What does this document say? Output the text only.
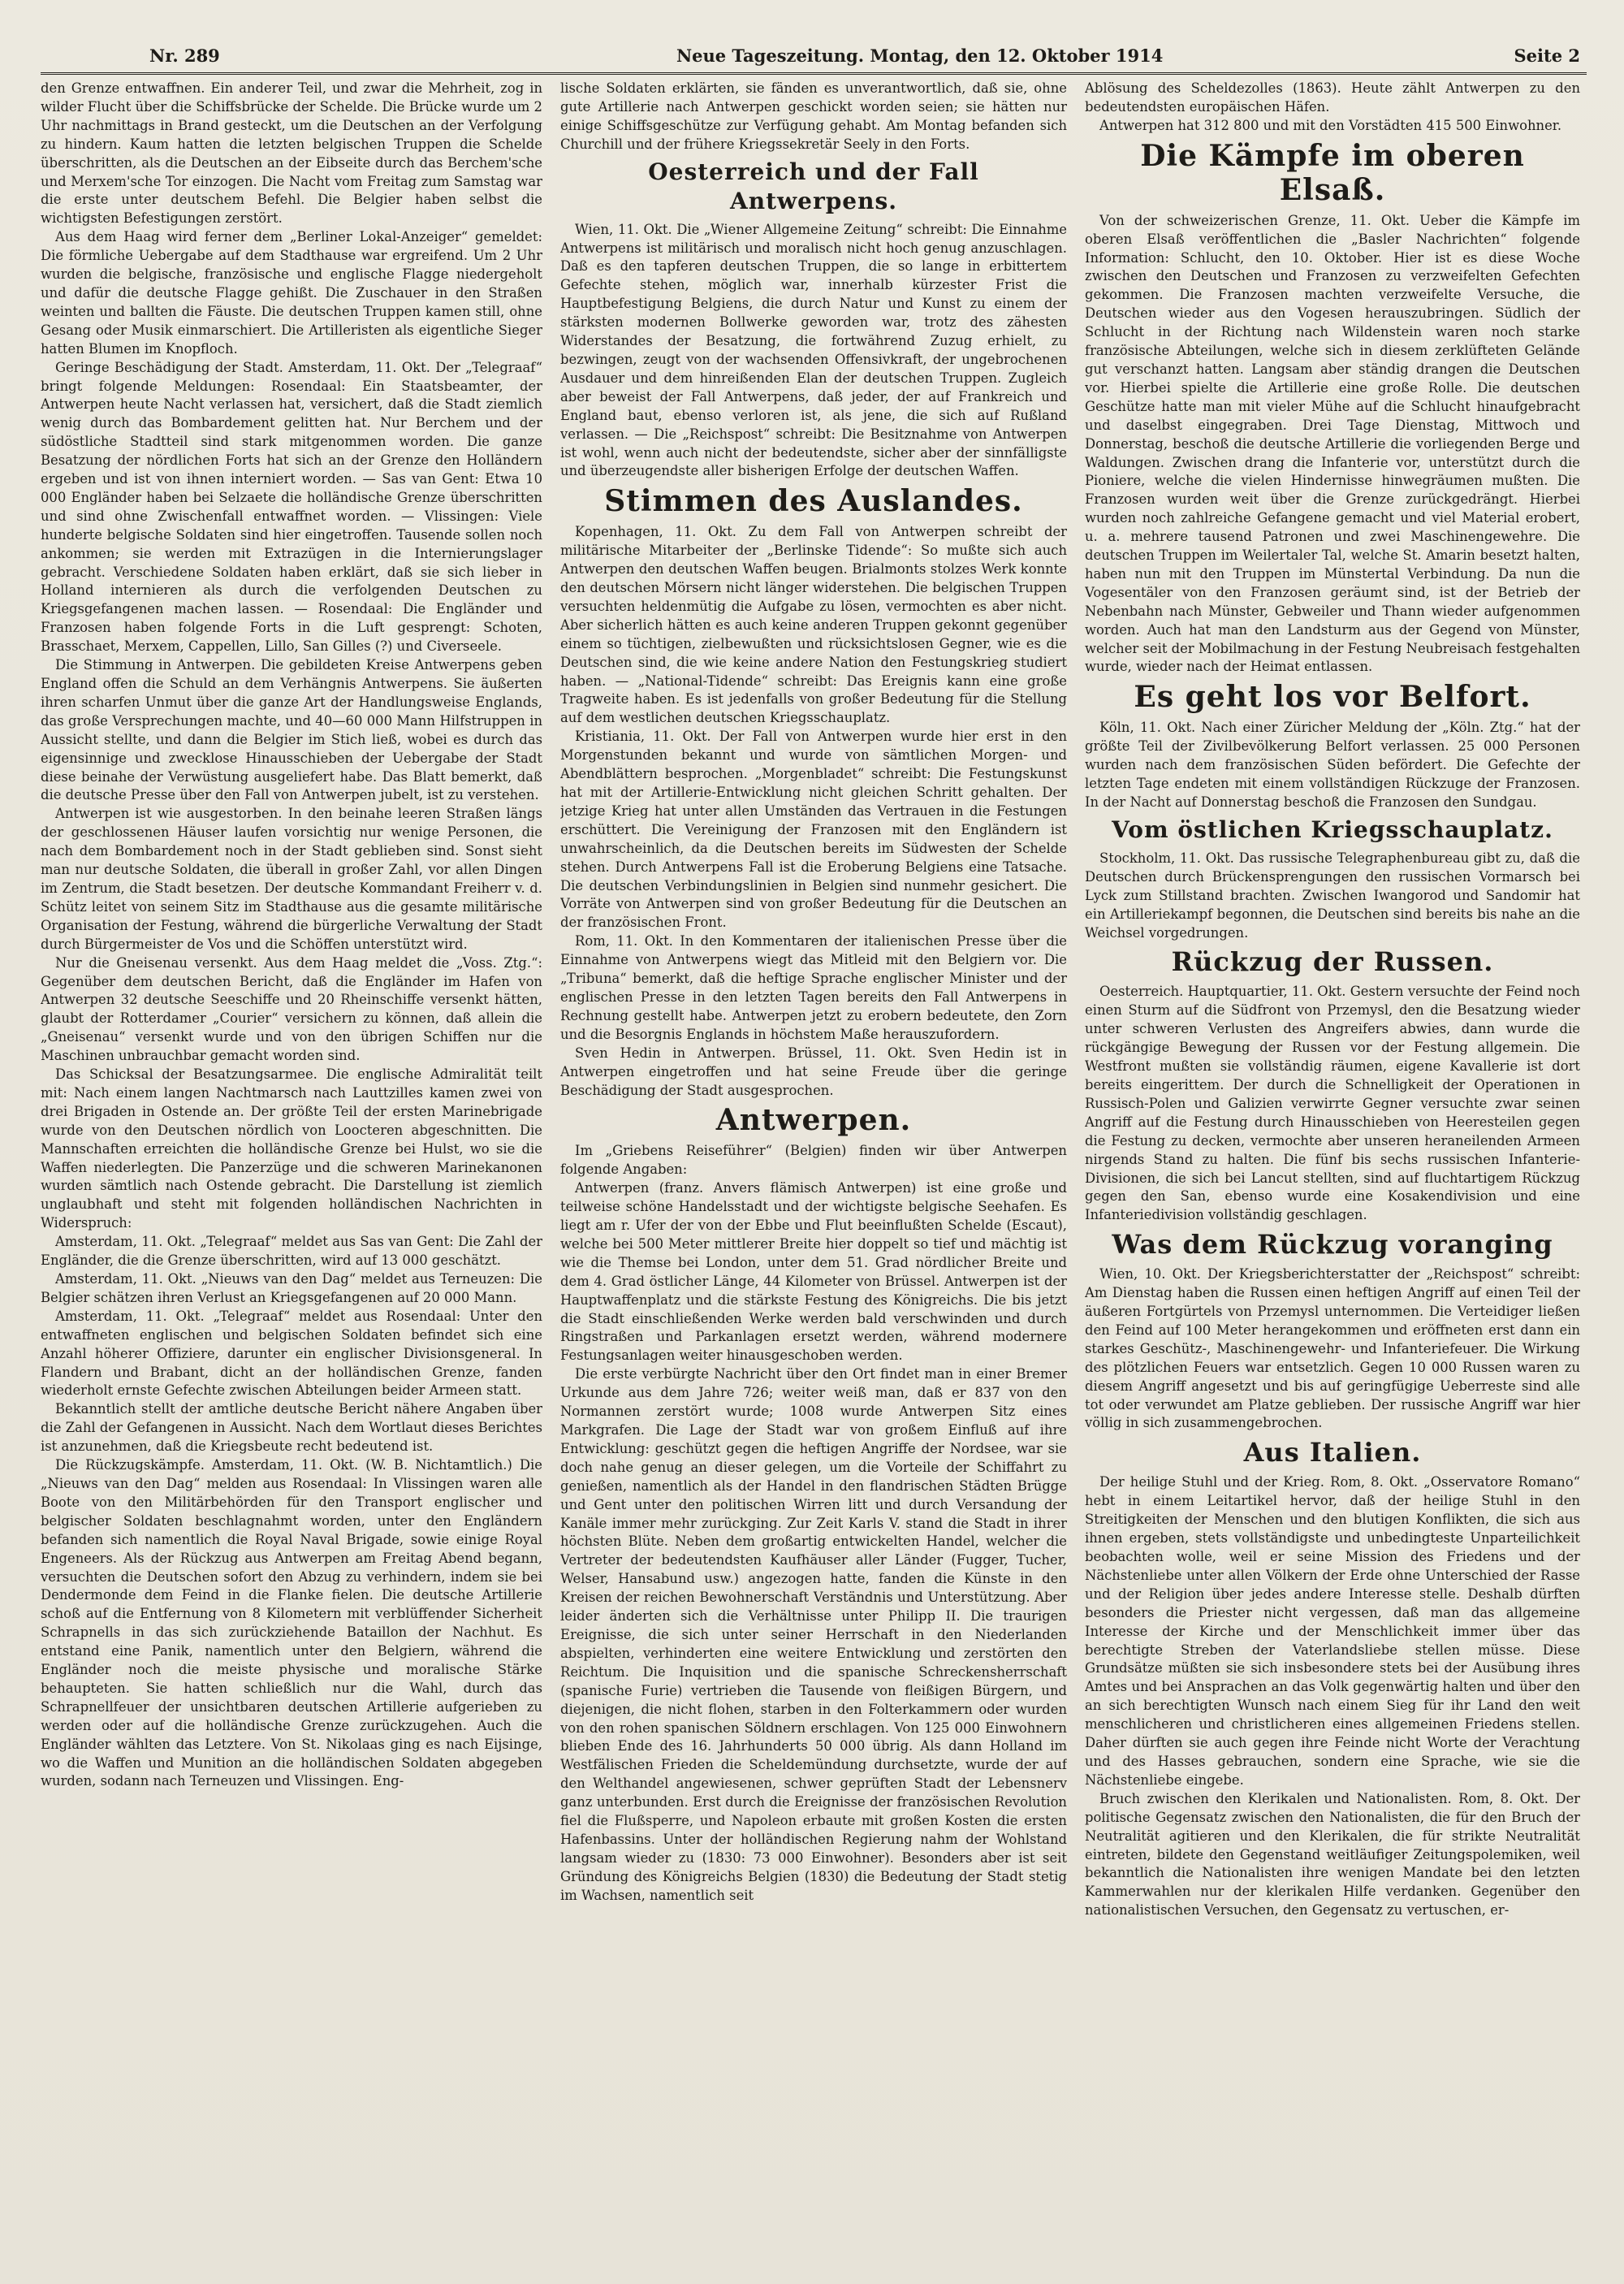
Nr. 289	Neue Tageszeitung. Montag, den 12. Oktober 1914	Seite 2

den Grenze entwaffnen. Ein anderer Teil, und zwar die Mehrheit, zog in wilder Flucht über die Schiffsbrücke der Schelde. Die Brücke wurde um 2 Uhr nachmittags in Brand gesteckt, um die Deutschen an der Verfolgung zu hindern. Kaum hatten die letzten belgischen Truppen die Schelde überschritten, als die Deutschen an der Eibseite durch das Berchem'sche und Merxem'sche Tor einzogen. Die Nacht vom Freitag zum Samstag war die erste unter deutschem Befehl. Die Belgier haben selbst die wichtigsten Befestigungen zerstört.

Aus dem Haag wird ferner dem „Berliner Lokal-Anzeiger“ gemeldet: Die förmliche Uebergabe auf dem Stadthause war ergreifend. Um 2 Uhr wurden die belgische, französische und englische Flagge niedergeholt und dafür die deutsche Flagge gehißt. Die Zuschauer in den Straßen weinten und ballten die Fäuste. Die deutschen Truppen kamen still, ohne Gesang oder Musik einmarschiert. Die Artilleristen als eigentliche Sieger hatten Blumen im Knopfloch.

Geringe Beschädigung der Stadt. Amsterdam, 11. Okt. Der „Telegraaf“ bringt folgende Meldungen: Rosendaal: Ein Staatsbeamter, der Antwerpen heute Nacht verlassen hat, versichert, daß die Stadt ziemlich wenig durch das Bombardement gelitten hat. Nur Berchem und der südöstliche Stadtteil sind stark mitgenommen worden. Die ganze Besatzung der nördlichen Forts hat sich an der Grenze den Holländern ergeben und ist von ihnen interniert worden. — Sas van Gent: Etwa 10 000 Engländer haben bei Selzaete die holländische Grenze überschritten und sind ohne Zwischenfall entwaffnet worden. — Vlissingen: Viele hunderte belgische Soldaten sind hier eingetroffen. Tausende sollen noch ankommen; sie werden mit Extrazügen in die Internierungslager gebracht. Verschiedene Soldaten haben erklärt, daß sie sich lieber in Holland internieren als durch die verfolgenden Deutschen zu Kriegsgefangenen machen lassen. — Rosendaal: Die Engländer und Franzosen haben folgende Forts in die Luft gesprengt: Schoten, Brasschaet, Merxem, Cappellen, Lillo, San Gilles (?) und Civerseele.

Die Stimmung in Antwerpen. Die gebildeten Kreise Antwerpens geben England offen die Schuld an dem Verhängnis Antwerpens. Sie äußerten ihren scharfen Unmut über die ganze Art der Handlungsweise Englands, das große Versprechungen machte, und 40—60 000 Mann Hilfstruppen in Aussicht stellte, und dann die Belgier im Stich ließ, wobei es durch das eigensinnige und zwecklose Hinausschieben der Uebergabe der Stadt diese beinahe der Verwüstung ausgeliefert habe. Das Blatt bemerkt, daß die deutsche Presse über den Fall von Antwerpen jubelt, ist zu verstehen.

Antwerpen ist wie ausgestorben. In den beinahe leeren Straßen längs der geschlossenen Häuser laufen vorsichtig nur wenige Personen, die nach dem Bombardement noch in der Stadt geblieben sind. Sonst sieht man nur deutsche Soldaten, die überall in großer Zahl, vor allen Dingen im Zentrum, die Stadt besetzen. Der deutsche Kommandant Freiherr v. d. Schütz leitet von seinem Sitz im Stadthause aus die gesamte militärische Organisation der Festung, während die bürgerliche Verwaltung der Stadt durch Bürgermeister de Vos und die Schöffen unterstützt wird.

Nur die Gneisenau versenkt. Aus dem Haag meldet die „Voss. Ztg.“: Gegenüber dem deutschen Bericht, daß die Engländer im Hafen von Antwerpen 32 deutsche Seeschiffe und 20 Rheinschiffe versenkt hätten, glaubt der Rotterdamer „Courier“ versichern zu können, daß allein die „Gneisenau“ versenkt wurde und von den übrigen Schiffen nur die Maschinen unbrauchbar gemacht worden sind.

Das Schicksal der Besatzungsarmee. Die englische Admiralität teilt mit: Nach einem langen Nachtmarsch nach Lauttzilles kamen zwei von drei Brigaden in Ostende an. Der größte Teil der ersten Marinebrigade wurde von den Deutschen nördlich von Loocteren abgeschnitten. Die Mannschaften erreichten die holländische Grenze bei Hulst, wo sie die Waffen niederlegten. Die Panzerzüge und die schweren Marinekanonen wurden sämtlich nach Ostende gebracht. Die Darstellung ist ziemlich unglaubhaft und steht mit folgenden holländischen Nachrichten in Widerspruch:

Amsterdam, 11. Okt. „Telegraaf“ meldet aus Sas van Gent: Die Zahl der Engländer, die die Grenze überschritten, wird auf 13 000 geschätzt.

Amsterdam, 11. Okt. „Nieuws van den Dag“ meldet aus Terneuzen: Die Belgier schätzen ihren Verlust an Kriegsgefangenen auf 20 000 Mann.

Amsterdam, 11. Okt. „Telegraaf“ meldet aus Rosendaal: Unter den entwaffneten englischen und belgischen Soldaten befindet sich eine Anzahl höherer Offiziere, darunter ein englischer Divisionsgeneral. In Flandern und Brabant, dicht an der holländischen Grenze, fanden wiederholt ernste Gefechte zwischen Abteilungen beider Armeen statt.

Bekanntlich stellt der amtliche deutsche Bericht nähere Angaben über die Zahl der Gefangenen in Aussicht. Nach dem Wortlaut dieses Berichtes ist anzunehmen, daß die Kriegsbeute recht bedeutend ist.

Die Rückzugskämpfe. Amsterdam, 11. Okt. (W. B. Nichtamtlich.) Die „Nieuws van den Dag“ melden aus Rosendaal: In Vlissingen waren alle Boote von den Militärbehörden für den Transport englischer und belgischer Soldaten beschlagnahmt worden, unter den Engländern befanden sich namentlich die Royal Naval Brigade, sowie einige Royal Engeneers. Als der Rückzug aus Antwerpen am Freitag Abend begann, versuchten die Deutschen sofort den Abzug zu verhindern, indem sie bei Dendermonde dem Feind in die Flanke fielen. Die deutsche Artillerie schoß auf die Entfernung von 8 Kilometern mit verblüffender Sicherheit Schrapnells in das sich zurückziehende Bataillon der Nachhut. Es entstand eine Panik, namentlich unter den Belgiern, während die Engländer noch die meiste physische und moralische Stärke behaupteten. Sie hatten schließlich nur die Wahl, durch das Schrapnellfeuer der unsichtbaren deutschen Artillerie aufgerieben zu werden oder auf die holländische Grenze zurückzugehen. Auch die Engländer wählten das Letztere. Von St. Nikolaas ging es nach Eijsinge, wo die Waffen und Munition an die holländischen Soldaten abgegeben wurden, sodann nach Terneuzen und Vlissingen. Eng-

lische Soldaten erklärten, sie fänden es unverantwortlich, daß sie, ohne gute Artillerie nach Antwerpen geschickt worden seien; sie hätten nur einige Schiffsgeschütze zur Verfügung gehabt. Am Montag befanden sich Churchill und der frühere Kriegssekretär Seely in den Forts.

Oesterreich und der Fall Antwerpens.

Wien, 11. Okt. Die „Wiener Allgemeine Zeitung“ schreibt: Die Einnahme Antwerpens ist militärisch und moralisch nicht hoch genug anzuschlagen. Daß es den tapferen deutschen Truppen, die so lange in erbittertem Gefechte stehen, möglich war, innerhalb kürzester Frist die Hauptbefestigung Belgiens, die durch Natur und Kunst zu einem der stärksten modernen Bollwerke geworden war, trotz des zähesten Widerstandes der Besatzung, die fortwährend Zuzug erhielt, zu bezwingen, zeugt von der wachsenden Offensivkraft, der ungebrochenen Ausdauer und dem hinreißenden Elan der deutschen Truppen. Zugleich aber beweist der Fall Antwerpens, daß jeder, der auf Frankreich und England baut, ebenso verloren ist, als jene, die sich auf Rußland verlassen. — Die „Reichspost“ schreibt: Die Besitznahme von Antwerpen ist wohl, wenn auch nicht der bedeutendste, sicher aber der sinnfälligste und überzeugendste aller bisherigen Erfolge der deutschen Waffen.

Stimmen des Auslandes.

Kopenhagen, 11. Okt. Zu dem Fall von Antwerpen schreibt der militärische Mitarbeiter der „Berlinske Tidende“: So mußte sich auch Antwerpen den deutschen Waffen beugen. Brialmonts stolzes Werk konnte den deutschen Mörsern nicht länger widerstehen. Die belgischen Truppen versuchten heldenmütig die Aufgabe zu lösen, vermochten es aber nicht. Aber sicherlich hätten es auch keine anderen Truppen gekonnt gegenüber einem so tüchtigen, zielbewußten und rücksichtslosen Gegner, wie es die Deutschen sind, die wie keine andere Nation den Festungskrieg studiert haben. — „National-Tidende“ schreibt: Das Ereignis kann eine große Tragweite haben. Es ist jedenfalls von großer Bedeutung für die Stellung auf dem westlichen deutschen Kriegsschauplatz.

Kristiania, 11. Okt. Der Fall von Antwerpen wurde hier erst in den Morgenstunden bekannt und wurde von sämtlichen Morgen- und Abendblättern besprochen. „Morgenbladet“ schreibt: Die Festungskunst hat mit der Artillerie-Entwicklung nicht gleichen Schritt gehalten. Der jetzige Krieg hat unter allen Umständen das Vertrauen in die Festungen erschüttert. Die Vereinigung der Franzosen mit den Engländern ist unwahrscheinlich, da die Deutschen bereits im Südwesten der Schelde stehen. Durch Antwerpens Fall ist die Eroberung Belgiens eine Tatsache. Die deutschen Verbindungslinien in Belgien sind nunmehr gesichert. Die Vorräte von Antwerpen sind von großer Bedeutung für die Deutschen an der französischen Front.

Rom, 11. Okt. In den Kommentaren der italienischen Presse über die Einnahme von Antwerpens wiegt das Mitleid mit den Belgiern vor. Die „Tribuna“ bemerkt, daß die heftige Sprache englischer Minister und der englischen Presse in den letzten Tagen bereits den Fall Antwerpens in Rechnung gestellt habe. Antwerpen jetzt zu erobern bedeutete, den Zorn und die Besorgnis Englands in höchstem Maße herauszufordern.

Sven Hedin in Antwerpen. Brüssel, 11. Okt. Sven Hedin ist in Antwerpen eingetroffen und hat seine Freude über die geringe Beschädigung der Stadt ausgesprochen.

Antwerpen.

Im „Griebens Reiseführer“ (Belgien) finden wir über Antwerpen folgende Angaben:

Antwerpen (franz. Anvers flämisch Antwerpen) ist eine große und teilweise schöne Handelsstadt und der wichtigste belgische Seehafen. Es liegt am r. Ufer der von der Ebbe und Flut beeinflußten Schelde (Escaut), welche bei 500 Meter mittlerer Breite hier doppelt so tief und mächtig ist wie die Themse bei London, unter dem 51. Grad nördlicher Breite und dem 4. Grad östlicher Länge, 44 Kilometer von Brüssel. Antwerpen ist der Hauptwaffenplatz und die stärkste Festung des Königreichs. Die bis jetzt die Stadt einschließenden Werke werden bald verschwinden und durch Ringstraßen und Parkanlagen ersetzt werden, während modernere Festungsanlagen weiter hinausgeschoben werden.

Die erste verbürgte Nachricht über den Ort findet man in einer Bremer Urkunde aus dem Jahre 726; weiter weiß man, daß er 837 von den Normannen zerstört wurde; 1008 wurde Antwerpen Sitz eines Markgrafen. Die Lage der Stadt war von großem Einfluß auf ihre Entwicklung: geschützt gegen die heftigen Angriffe der Nordsee, war sie doch nahe genug an dieser gelegen, um die Vorteile der Schiffahrt zu genießen, namentlich als der Handel in den flandrischen Städten Brügge und Gent unter den politischen Wirren litt und durch Versandung der Kanäle immer mehr zurückging. Zur Zeit Karls V. stand die Stadt in ihrer höchsten Blüte. Neben dem großartig entwickelten Handel, welcher die Vertreter der bedeutendsten Kaufhäuser aller Länder (Fugger, Tucher, Welser, Hansabund usw.) angezogen hatte, fanden die Künste in den Kreisen der reichen Bewohnerschaft Verständnis und Unterstützung. Aber leider änderten sich die Verhältnisse unter Philipp II. Die traurigen Ereignisse, die sich unter seiner Herrschaft in den Niederlanden abspielten, verhinderten eine weitere Entwicklung und zerstörten den Reichtum. Die Inquisition und die spanische Schreckensherrschaft (spanische Furie) vertrieben die Tausende von fleißigen Bürgern, und diejenigen, die nicht flohen, starben in den Folterkammern oder wurden von den rohen spanischen Söldnern erschlagen. Von 125 000 Einwohnern blieben Ende des 16. Jahrhunderts 50 000 übrig. Als dann Holland im Westfälischen Frieden die Scheldemündung durchsetzte, wurde der auf den Welthandel angewiesenen, schwer geprüften Stadt der Lebensnerv ganz unterbunden. Erst durch die Ereignisse der französischen Revolution fiel die Flußsperre, und Napoleon erbaute mit großen Kosten die ersten Hafenbassins. Unter der holländischen Regierung nahm der Wohlstand langsam wieder zu (1830: 73 000 Einwohner). Besonders aber ist seit Gründung des Königreichs Belgien (1830) die Bedeutung der Stadt stetig im Wachsen, namentlich seit

Ablösung des Scheldezolles (1863). Heute zählt Antwerpen zu den bedeutendsten europäischen Häfen.

Antwerpen hat 312 800 und mit den Vorstädten 415 500 Einwohner.

Die Kämpfe im oberen Elsaß.

Von der schweizerischen Grenze, 11. Okt. Ueber die Kämpfe im oberen Elsaß veröffentlichen die „Basler Nachrichten“ folgende Information: Schlucht, den 10. Oktober. Hier ist es diese Woche zwischen den Deutschen und Franzosen zu verzweifelten Gefechten gekommen. Die Franzosen machten verzweifelte Versuche, die Deutschen wieder aus den Vogesen herauszubringen. Südlich der Schlucht in der Richtung nach Wildenstein waren noch starke französische Abteilungen, welche sich in diesem zerklüfteten Gelände gut verschanzt hatten. Langsam aber ständig drangen die Deutschen vor. Hierbei spielte die Artillerie eine große Rolle. Die deutschen Geschütze hatte man mit vieler Mühe auf die Schlucht hinaufgebracht und daselbst eingegraben. Drei Tage Dienstag, Mittwoch und Donnerstag, beschoß die deutsche Artillerie die vorliegenden Berge und Waldungen. Zwischen drang die Infanterie vor, unterstützt durch die Pioniere, welche die vielen Hindernisse hinwegräumen mußten. Die Franzosen wurden weit über die Grenze zurückgedrängt. Hierbei wurden noch zahlreiche Gefangene gemacht und viel Material erobert, u. a. mehrere tausend Patronen und zwei Maschinengewehre. Die deutschen Truppen im Weilertaler Tal, welche St. Amarin besetzt halten, haben nun mit den Truppen im Münstertal Verbindung. Da nun die Vogesentäler von den Franzosen geräumt sind, ist der Betrieb der Nebenbahn nach Münster, Gebweiler und Thann wieder aufgenommen worden. Auch hat man den Landsturm aus der Gegend von Münster, welcher seit der Mobilmachung in der Festung Neubreisach festgehalten wurde, wieder nach der Heimat entlassen.

Es geht los vor Belfort.

Köln, 11. Okt. Nach einer Züricher Meldung der „Köln. Ztg.“ hat der größte Teil der Zivilbevölkerung Belfort verlassen. 25 000 Personen wurden nach dem französischen Süden befördert. Die Gefechte der letzten Tage endeten mit einem vollständigen Rückzuge der Franzosen. In der Nacht auf Donnerstag beschoß die Franzosen den Sundgau.

Vom östlichen Kriegsschauplatz.

Stockholm, 11. Okt. Das russische Telegraphenbureau gibt zu, daß die Deutschen durch Brückensprengungen den russischen Vormarsch bei Lyck zum Stillstand brachten. Zwischen Iwangorod und Sandomir hat ein Artilleriekampf begonnen, die Deutschen sind bereits bis nahe an die Weichsel vorgedrungen.

Rückzug der Russen.

Oesterreich. Hauptquartier, 11. Okt. Gestern versuchte der Feind noch einen Sturm auf die Südfront von Przemysl, den die Besatzung wieder unter schweren Verlusten des Angreifers abwies, dann wurde die rückgängige Bewegung der Russen vor der Festung allgemein. Die Westfront mußten sie vollständig räumen, eigene Kavallerie ist dort bereits eingerittem. Der durch die Schnelligkeit der Operationen in Russisch-Polen und Galizien verwirrte Gegner versuchte zwar seinen Angriff auf die Festung durch Hinausschieben von Heeresteilen gegen die Festung zu decken, vermochte aber unseren heraneilenden Armeen nirgends Stand zu halten. Die fünf bis sechs russischen Infanterie-Divisionen, die sich bei Lancut stellten, sind auf fluchtartigem Rückzug gegen den San, ebenso wurde eine Kosakendivision und eine Infanteriedivision vollständig geschlagen.

Was dem Rückzug voranging

Wien, 10. Okt. Der Kriegsberichterstatter der „Reichspost“ schreibt: Am Dienstag haben die Russen einen heftigen Angriff auf einen Teil der äußeren Fortgürtels von Przemysl unternommen. Die Verteidiger ließen den Feind auf 100 Meter herangekommen und eröffneten erst dann ein starkes Geschütz-, Maschinengewehr- und Infanteriefeuer. Die Wirkung des plötzlichen Feuers war entsetzlich. Gegen 10 000 Russen waren zu diesem Angriff angesetzt und bis auf geringfügige Ueberreste sind alle tot oder verwundet am Platze geblieben. Der russische Angriff war hier völlig in sich zusammengebrochen.

Aus Italien.

Der heilige Stuhl und der Krieg. Rom, 8. Okt. „Osservatore Romano“ hebt in einem Leitartikel hervor, daß der heilige Stuhl in den Streitigkeiten der Menschen und den blutigen Konflikten, die sich aus ihnen ergeben, stets vollständigste und unbedingteste Unparteilichkeit beobachten wolle, weil er seine Mission des Friedens und der Nächstenliebe unter allen Völkern der Erde ohne Unterschied der Rasse und der Religion über jedes andere Interesse stelle. Deshalb dürften besonders die Priester nicht vergessen, daß man das allgemeine Interesse der Kirche und der Menschlichkeit immer über das berechtigte Streben der Vaterlandsliebe stellen müsse. Diese Grundsätze müßten sie sich insbesondere stets bei der Ausübung ihres Amtes und bei Ansprachen an das Volk gegenwärtig halten und über den an sich berechtigten Wunsch nach einem Sieg für ihr Land den weit menschlicheren und christlicheren eines allgemeinen Friedens stellen. Daher dürften sie auch gegen ihre Feinde nicht Worte der Verachtung und des Hasses gebrauchen, sondern eine Sprache, wie sie die Nächstenliebe eingebe.

Bruch zwischen den Klerikalen und Nationalisten. Rom, 8. Okt. Der politische Gegensatz zwischen den Nationalisten, die für den Bruch der Neutralität agitieren und den Klerikalen, die für strikte Neutralität eintreten, bildete den Gegenstand weitläufiger Zeitungspolemiken, weil bekanntlich die Nationalisten ihre wenigen Mandate bei den letzten Kammerwahlen nur der klerikalen Hilfe verdanken. Gegenüber den nationalistischen Versuchen, den Gegensatz zu vertuschen, er-
